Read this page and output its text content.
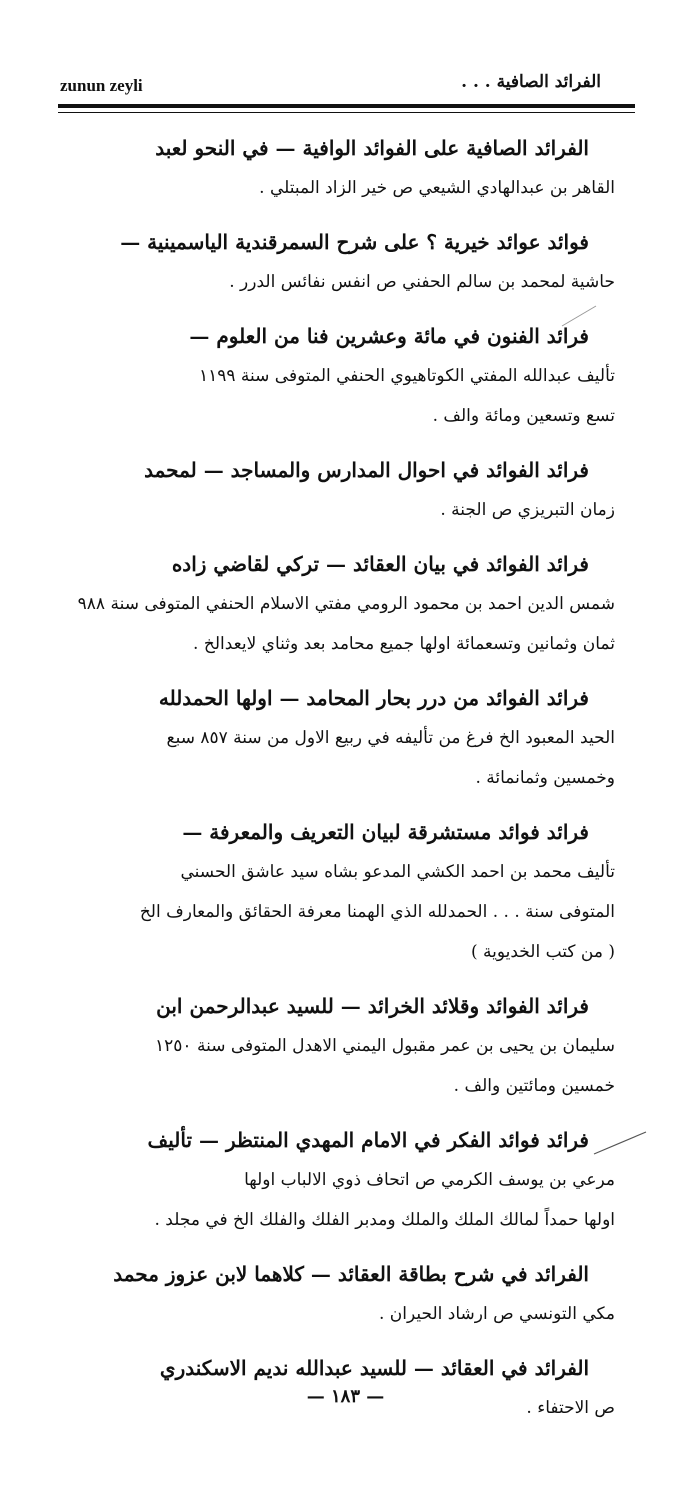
zunun zeyli	الفرائد الصافية . . .
الفرائد الصافية على الفوائد الوافية — في النحو لعبد
القاهر بن عبدالهادي الشيعي ص خير الزاد المبتلي .
فوائد عوائد خيرية ؟ على شرح السمرقندية الياسمينية —
حاشية لمحمد بن سالم الحفني ص انفس نفائس الدرر .
فرائد الفنون في مائة وعشرين فنا من العلوم —
تأليف عبدالله المفتي الكوتاهيوي الحنفي المتوفى سنة ١١٩٩
تسع وتسعين ومائة والف .
فرائد الفوائد في احوال المدارس والمساجد — لمحمد
زمان التبريزي ص الجنة .
فرائد الفوائد في بيان العقائد — تركي لقاضي زاده
شمس الدين احمد بن محمود الرومي مفتي الاسلام الحنفي المتوفى سنة ٩٨٨
ثمان وثمانين وتسعمائة اولها جميع محامد بعد وثناي لايعدالخ .
فرائد الفوائد من درر بحار المحامد — اولها الحمدلله
الحيد المعبود الخ فرغ من تأليفه في ربيع الاول من سنة ٨٥٧ سبع
وخمسين وثمانمائة .
فرائد فوائد مستشرقة لبيان التعريف والمعرفة —
تأليف محمد بن احمد الكشي المدعو بشاه سيد عاشق الحسني
المتوفى سنة . . . الحمدلله الذي الهمنا معرفة الحقائق والمعارف الخ
( من كتب الخديوية )
فرائد الفوائد وقلائد الخرائد — للسيد عبدالرحمن ابن
سليمان بن يحيى بن عمر مقبول اليمني الاهدل المتوفى سنة ١٢٥٠
خمسين ومائتين والف .
فرائد فوائد الفكر في الامام المهدي المنتظر — تأليف
مرعي بن يوسف الكرمي ص اتحاف ذوي الالباب اولها
اولها حمداً لمالك الملك والملك ومدبر الفلك والفلك الخ في مجلد .
الفرائد في شرح بطاقة العقائد — كلاهما لابن عزوز محمد
مكي التونسي ص ارشاد الحيران .
الفرائد في العقائد — للسيد عبدالله نديم الاسكندري
ص الاحتفاء .
— ١٨٣ —
